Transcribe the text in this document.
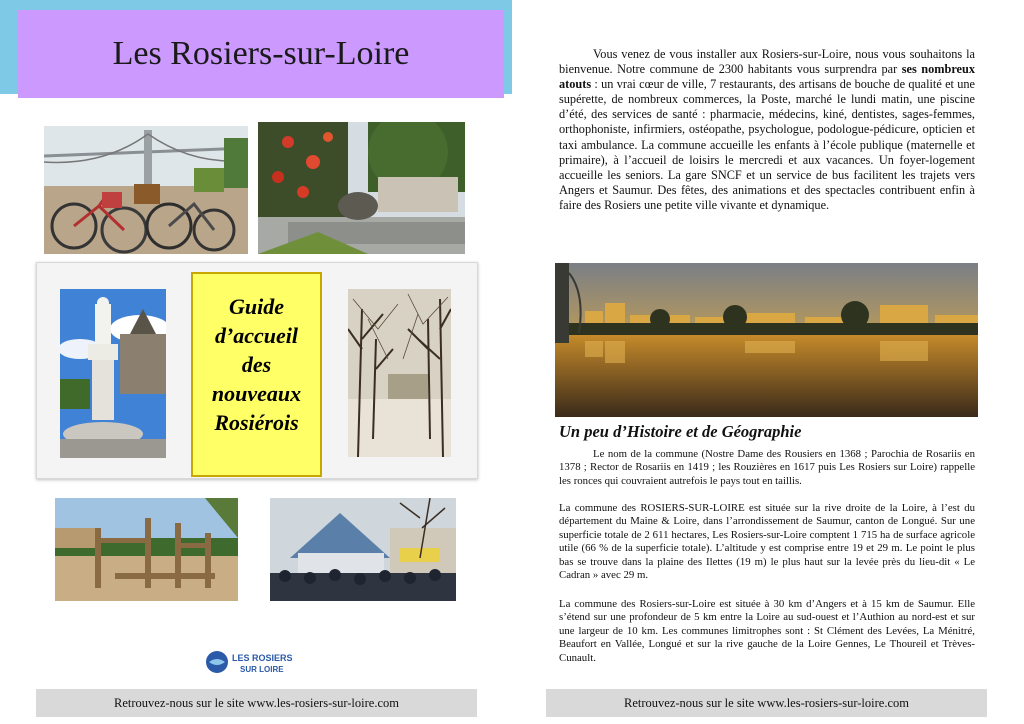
Les Rosiers-sur-Loire
Guide
d’accueil
des
nouveaux
Rosiérois
LES ROSIERS
SUR LOIRE
Retrouvez-nous sur le site www.les-rosiers-sur-loire.com
Vous venez de vous installer aux Rosiers-sur-Loire, nous vous souhaitons la bienvenue. Notre commune de 2300 habitants vous surprendra par ses nombreux atouts : un vrai cœur de ville, 7 restaurants, des artisans de bouche de qualité et une supérette, de nombreux commerces, la Poste, marché le lundi matin, une piscine d’été, des services de santé : pharmacie, médecins, kiné, dentistes, sages-femmes, orthophoniste, infirmiers, ostéopathe, psychologue, podologue-pédicure, opticien et taxi ambulance. La commune accueille les enfants à l’école publique (maternelle et primaire), à l’accueil de loisirs le mercredi et aux vacances. Un foyer-logement accueille les seniors. La gare SNCF et un service de bus facilitent les trajets vers Angers et Saumur. Des fêtes, des animations et des spectacles contribuent enfin à faire des Rosiers une petite ville vivante et dynamique.
Un peu d’Histoire et de Géographie
Le nom de la commune (Nostre Dame des Rousiers en 1368 ; Parochia de Rosariis en 1378 ; Rector de Rosariis en 1419 ; les Rouzières en 1617 puis Les Rosiers sur Loire) rappelle les ronces qui couvraient autrefois le pays tout en taillis.
La commune des ROSIERS-SUR-LOIRE est située sur la rive droite de la Loire, à l’est du département du Maine & Loire, dans l’arrondissement de Saumur, canton de Longué. Sur une superficie totale de 2 611 hectares, Les Rosiers-sur-Loire comptent 1 715 ha de surface agricole utile (66 % de la superficie totale). L’altitude y est comprise entre 19 et 29 m. Le point le plus bas se trouve dans la plaine des Ilettes (19 m) le plus haut sur la levée près du lieu-dit « Le Cadran » avec 29 m.
La commune des Rosiers-sur-Loire est située à 30 km d’Angers et à 15 km de Saumur. Elle s’étend sur une profondeur de 5 km entre la Loire au sud-ouest et l’Authion au nord-est et sur une largeur de 10 km. Les communes limitrophes sont : St Clément des Levées, La Ménitré, Beaufort en Vallée, Longué et sur la rive gauche de la Loire Gennes, Le Thoureil et Trèves-Cunault.
Retrouvez-nous sur le site www.les-rosiers-sur-loire.com
